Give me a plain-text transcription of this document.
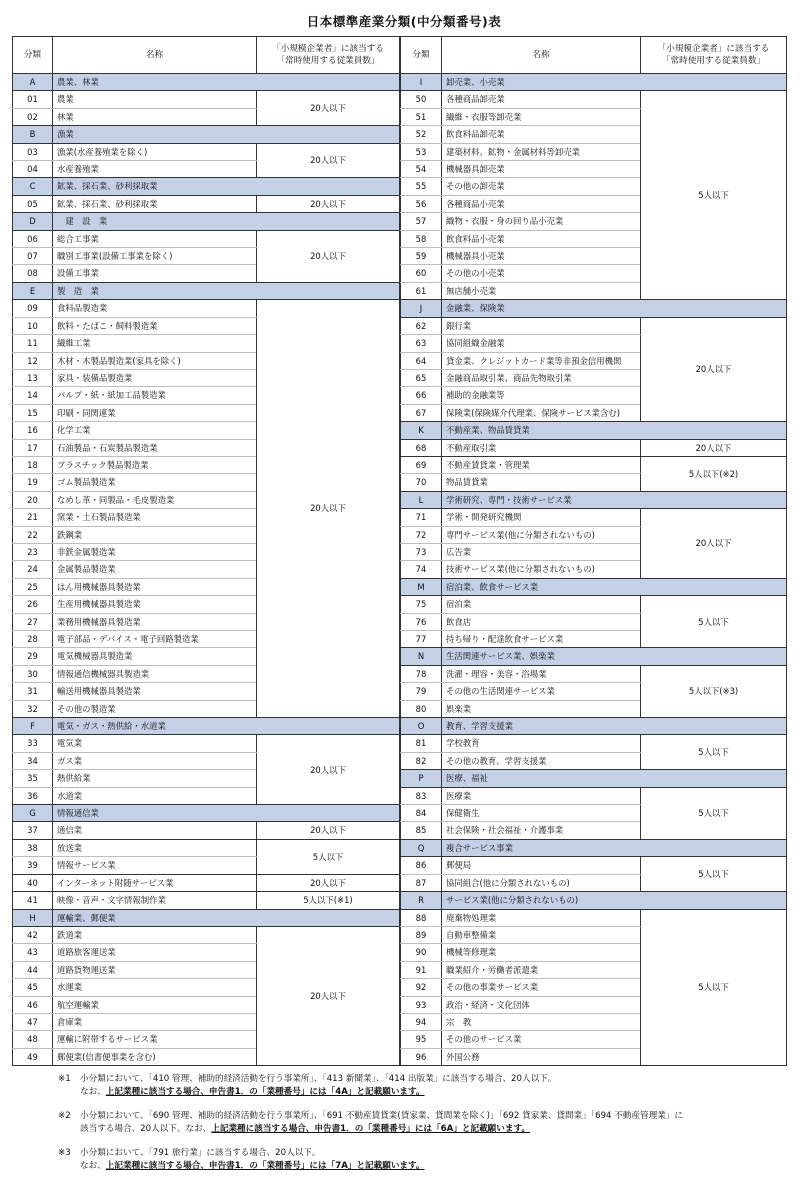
日本標準産業分類(中分類番号)表
分類	名称	「小規模企業者」に該当する
「常時使用する従業員数」
A	農業、林業	
01	農業	20人以下
02	林業	
B	漁業	
03	漁業(水産養殖業を除く)	20人以下
04	水産養殖業	
C	鉱業、採石業、砂利採取業	
05	鉱業、採石業、砂利採取業	20人以下
D	　建　設　業	
06	総合工事業	20人以下
07	職別工事業(設備工事業を除く)	
08	設備工事業	
E	製　造　業	
09	食料品製造業	20人以下
10	飲料・たばこ・飼料製造業	
11	繊維工業	
12	木材・木製品製造業(家具を除く)	
13	家具・装備品製造業	
14	パルプ・紙・紙加工品製造業	
15	印刷・同関連業	
16	化学工業	
17	石油製品・石炭製品製造業	
18	プラスチック製品製造業	
19	ゴム製品製造業	
20	なめし革・同製品・毛皮製造業	
21	窯業・土石製品製造業	
22	鉄鋼業	
23	非鉄金属製造業	
24	金属製品製造業	
25	はん用機械器具製造業	
26	生産用機械器具製造業	
27	業務用機械器具製造業	
28	電子部品・デバイス・電子回路製造業	
29	電気機械器具製造業	
30	情報通信機械器具製造業	
31	輸送用機械器具製造業	
32	その他の製造業	
F	電気・ガス・熱供給・水道業	
33	電気業	20人以下
34	ガス業	
35	熱供給業	
36	水道業	
G	情報通信業	
37	通信業	20人以下
38	放送業	5人以下
39	情報サービス業	
40	インターネット附随サービス業	20人以下
41	映像・音声・文字情報制作業	5人以下(※1)
H	運輸業、郵便業	
42	鉄道業	20人以下
43	道路旅客運送業	
44	道路貨物運送業	
45	水運業	
46	航空運輸業	
47	倉庫業	
48	運輸に附帯するサービス業	
49	郵便業(信書便事業を含む)	
分類	名称	「小規模企業者」に該当する
「常時使用する従業員数」
I	卸売業、小売業	
50	各種商品卸売業	5人以下
51	繊維・衣服等卸売業	
52	飲食料品卸売業	
53	建築材料、鉱物・金属材料等卸売業	
54	機械器具卸売業	
55	その他の卸売業	
56	各種商品小売業	
57	織物・衣服・身の回り品小売業	
58	飲食料品小売業	
59	機械器具小売業	
60	その他の小売業	
61	無店舗小売業	
J	金融業、保険業	
62	銀行業	20人以下
63	協同組織金融業	
64	貸金業、クレジットカード業等非預金信用機関	
65	金融商品取引業、商品先物取引業	
66	補助的金融業等	
67	保険業(保険媒介代理業、保険サービス業含む)	
K	不動産業、物品賃貸業	
68	不動産取引業	20人以下
69	不動産賃貸業・管理業	5人以下(※2)
70	物品賃貸業	
L	学術研究、専門・技術サービス業	
71	学術・開発研究機関	20人以下
72	専門サービス業(他に分類されないもの)	
73	広告業	
74	技術サービス業(他に分類されないもの)	
M	宿泊業、飲食サービス業	
75	宿泊業	5人以下
76	飲食店	
77	持ち帰り・配達飲食サービス業	
N	生活関連サービス業、娯楽業	
78	洗濯・理容・美容・浴場業	5人以下(※3)
79	その他の生活関連サービス業	
80	娯楽業	
O	教育、学習支援業	
81	学校教育	5人以下
82	その他の教育、学習支援業	
P	医療、福祉	
83	医療業	5人以下
84	保健衛生	
85	社会保険・社会福祉・介護事業	
Q	複合サービス事業	
86	郵便局	5人以下
87	協同組合(他に分類されないもの)	
R	サービス業(他に分類されないもの)	
88	廃棄物処理業	5人以下
89	自動車整備業	
90	機械等修理業	
91	職業紹介・労働者派遣業	
92	その他の事業サービス業	
93	政治・経済・文化団体	
94	宗　教	
95	その他のサービス業	
96	外国公務	
※1 小分類において、「410 管理、補助的経済活動を行う事業所」、「413 新聞業」、「414 出版業」に該当する場合、20人以下。
なお、上記業種に該当する場合、申告書1．の「業種番号」には「4A」と記載願います。
※2 小分類において、「690 管理、補助的経済活動を行う事業所」、「691 不動産賃貸業(貸家業、貸間業を除く)」「692 貸家業、貸間業」「694 不動産管理業」に
該当する場合、20人以下。なお、上記業種に該当する場合、申告書1．の「業種番号」には「6A」と記載願います。
※3 小分類において、「791 旅行業」に該当する場合、20人以下。
なお、上記業種に該当する場合、申告書1．の「業種番号」には「7A」と記載願います。
